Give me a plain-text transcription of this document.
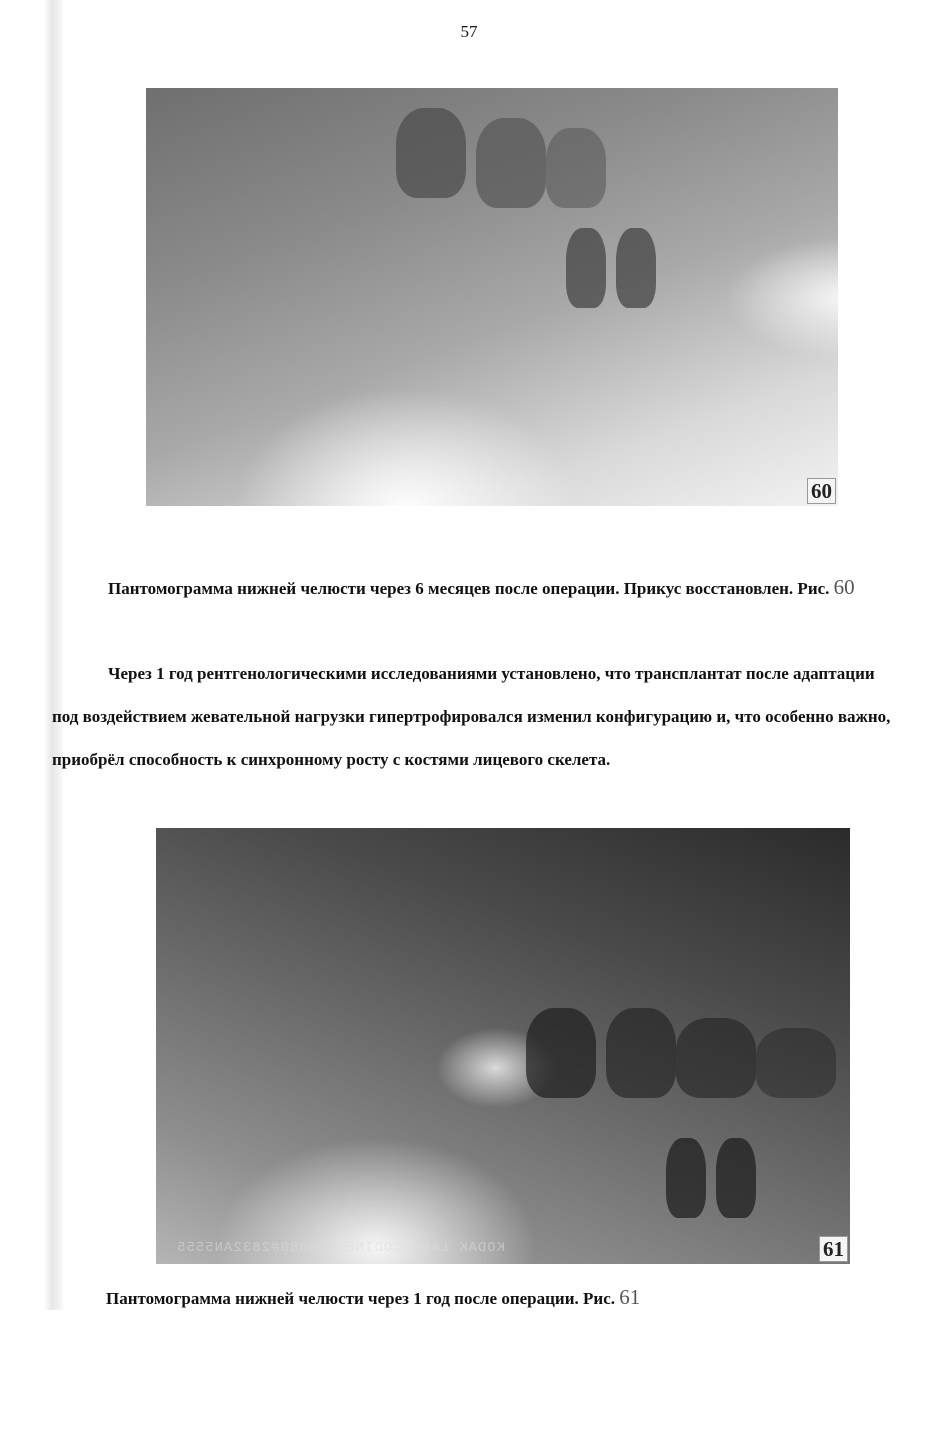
57
60
Пантомограмма нижней челюсти через 6 месяцев после операции. Прикус восстановлен. Рис. 60
Через 1 год рентгенологическими исследованиями установлено, что трансплантат после адаптации под воздействием жевательной нагрузки гипертрофировался изменил конфигурацию и, что особенно важно, приобрёл способность к синхронному росту с костями лицевого скелета.
KODAK LAND CODINE 005888#2832AN5555	61
Пантомограмма нижней челюсти через 1 год после операции. Рис. 61
